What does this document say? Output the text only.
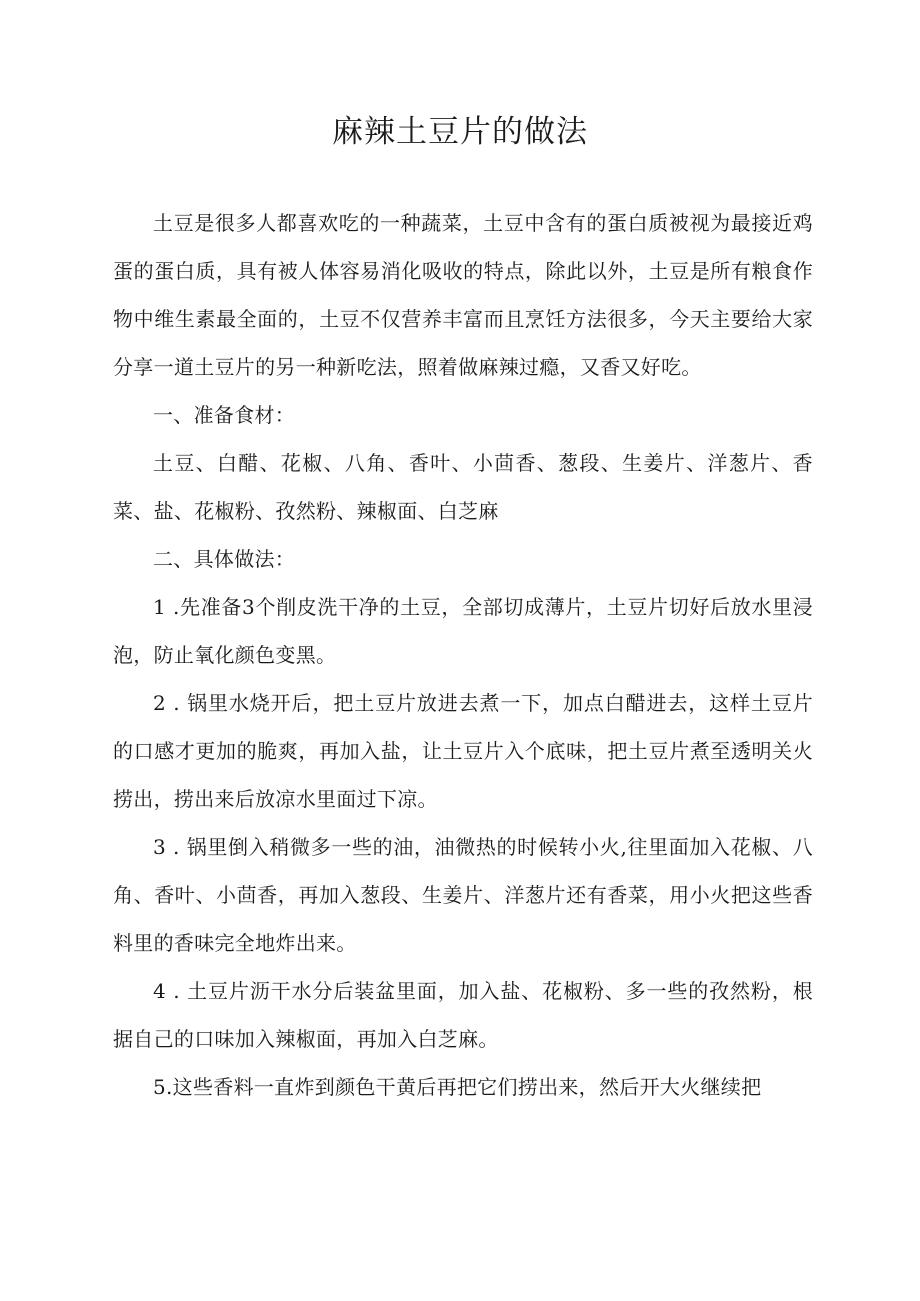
麻辣土豆片的做法

土豆是很多人都喜欢吃的一种蔬菜，土豆中含有的蛋白质被视为最接近鸡蛋的蛋白质，具有被人体容易消化吸收的特点，除此以外，土豆是所有粮食作物中维生素最全面的，土豆不仅营养丰富而且烹饪方法很多，今天主要给大家分享一道土豆片的另一种新吃法，照着做麻辣过瘾，又香又好吃。

一、准备食材：

土豆、白醋、花椒、八角、香叶、小茴香、葱段、生姜片、洋葱片、香菜、盐、花椒粉、孜然粉、辣椒面、白芝麻

二、具体做法：

1 .先准备3个削皮洗干净的土豆，全部切成薄片，土豆片切好后放水里浸泡，防止氧化颜色变黑。

2 . 锅里水烧开后，把土豆片放进去煮一下，加点白醋进去，这样土豆片的口感才更加的脆爽，再加入盐，让土豆片入个底味，把土豆片煮至透明关火捞出，捞出来后放凉水里面过下凉。

3 . 锅里倒入稍微多一些的油，油微热的时候转小火,往里面加入花椒、八角、香叶、小茴香，再加入葱段、生姜片、洋葱片还有香菜，用小火把这些香料里的香味完全地炸出来。

4 . 土豆片沥干水分后装盆里面，加入盐、花椒粉、多一些的孜然粉，根据自己的口味加入辣椒面，再加入白芝麻。

5.这些香料一直炸到颜色干黄后再把它们捞出来，然后开大火继续把
